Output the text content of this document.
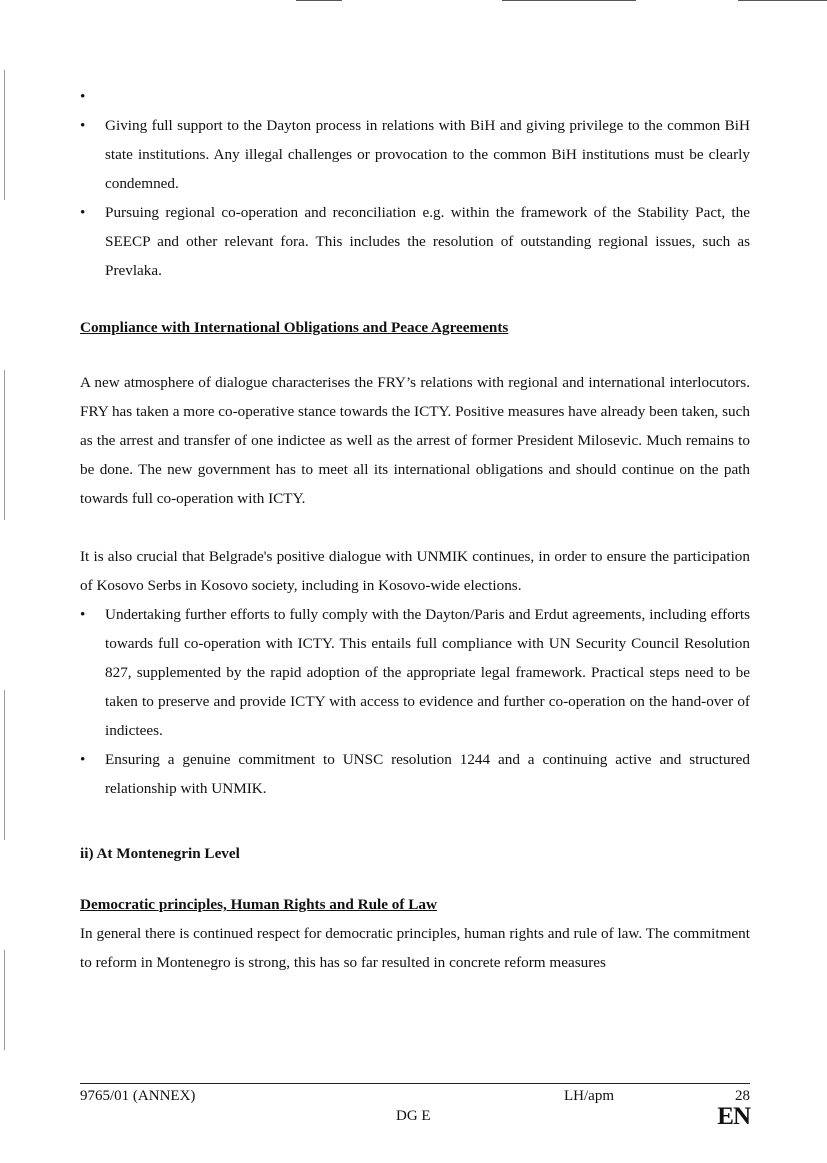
•

•	Giving full support to the Dayton process in relations with BiH and giving privilege to the common BiH state institutions. Any illegal challenges or provocation to the common BiH institutions must be clearly condemned.
•	Pursuing regional co-operation and reconciliation e.g. within the framework of the Stability Pact, the SEECP and other relevant fora. This includes the resolution of outstanding regional issues, such as Prevlaka.

Compliance with International Obligations and Peace Agreements

A new atmosphere of dialogue characterises the FRY’s relations with regional and international interlocutors. FRY has taken a more co-operative stance towards the ICTY. Positive measures have already been taken, such as the arrest and transfer of one indictee as well as the arrest of former President Milosevic. Much remains to be done. The new government has to meet all its international obligations and should continue on the path towards full co-operation with ICTY.

It is also crucial that Belgrade's positive dialogue with UNMIK continues, in order to ensure the participation of Kosovo Serbs in Kosovo society, including in Kosovo-wide elections.

•	Undertaking further efforts to fully comply with the Dayton/Paris and Erdut agreements, including efforts towards full co-operation with ICTY. This entails full compliance with UN Security Council Resolution 827, supplemented by the rapid adoption of the appropriate legal framework. Practical steps need to be taken to preserve and provide ICTY with access to evidence and further co-operation on the hand-over of indictees.
•	Ensuring a genuine commitment to UNSC resolution 1244 and a continuing active and structured relationship with UNMIK.

ii) At Montenegrin Level

Democratic principles, Human Rights and Rule of Law

In general there is continued respect for democratic principles, human rights and rule of law. The commitment to reform in Montenegro is strong, this has so far resulted in concrete reform measures

9765/01 (ANNEX)
DG E
LH/apm	28
EN
